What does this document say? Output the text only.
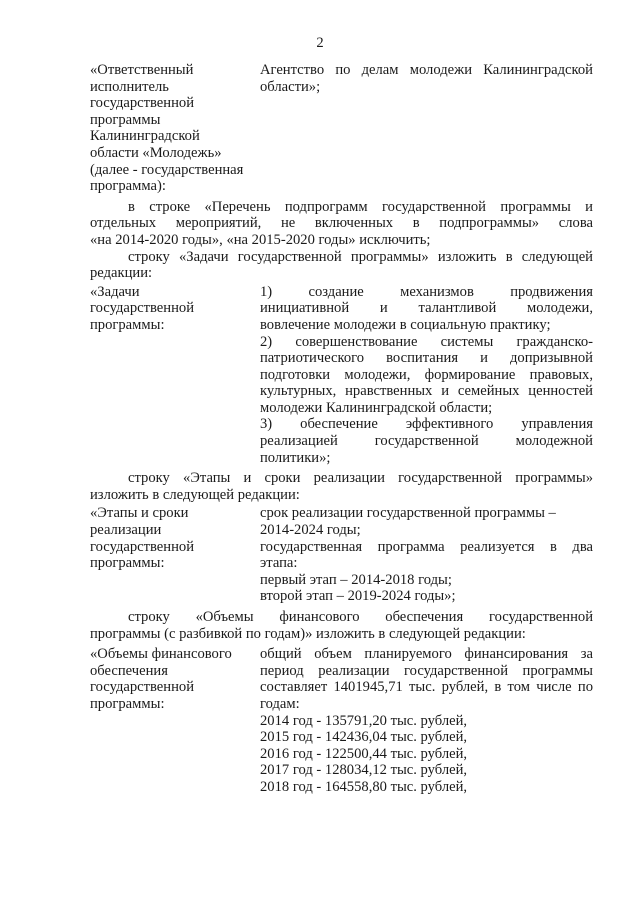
2
«Ответственный
исполнитель
государственной
программы
Калининградской
области «Молодежь»
(далее - государственная
программа):
Агентство по делам молодежи Калининградской
области»;
в строке «Перечень подпрограмм государственной программы и
отдельных мероприятий, не включенных в подпрограммы» слова
«на 2014-2020 годы», «на 2015-2020 годы» исключить;
строку «Задачи государственной программы» изложить в следующей
редакции:
«Задачи
государственной
программы:
1) создание механизмов продвижения
инициативной и талантливой молодежи,
вовлечение молодежи в социальную практику;
2) совершенствование системы гражданско-
патриотического воспитания и допризывной
подготовки молодежи, формирование правовых,
культурных, нравственных и семейных ценностей
молодежи Калининградской области;
3) обеспечение эффективного управления
реализацией государственной молодежной
политики»;
строку «Этапы и сроки реализации государственной программы»
изложить в следующей редакции:
«Этапы и сроки
реализации
государственной
программы:
срок реализации государственной программы –
2014-2024 годы;
государственная программа реализуется в два
этапа:
первый этап – 2014-2018 годы;
второй этап – 2019-2024 годы»;
строку «Объемы финансового обеспечения государственной
программы (с разбивкой по годам)» изложить в следующей редакции:
«Объемы финансового
обеспечения
государственной
программы:
общий объем планируемого финансирования за
период реализации государственной программы
составляет 1401945,71 тыс. рублей, в том числе по
годам:
2014 год - 135791,20 тыс. рублей,
2015 год - 142436,04 тыс. рублей,
2016 год - 122500,44 тыс. рублей,
2017 год - 128034,12 тыс. рублей,
2018 год - 164558,80 тыс. рублей,
